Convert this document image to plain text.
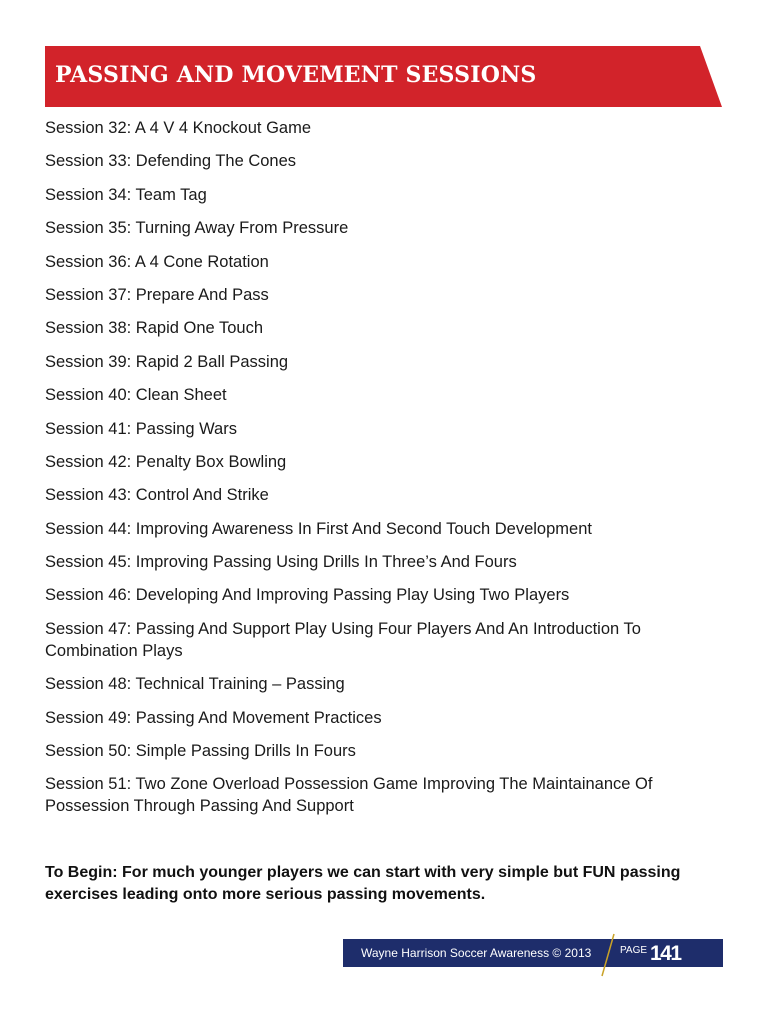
PASSING AND MOVEMENT SESSIONS
Session 32: A 4 V 4 Knockout Game
Session 33: Defending The Cones
Session 34: Team Tag
Session 35: Turning Away From Pressure
Session 36: A 4 Cone Rotation
Session 37: Prepare And Pass
Session 38: Rapid One Touch
Session 39: Rapid 2 Ball Passing
Session 40: Clean Sheet
Session 41: Passing Wars
Session 42: Penalty Box Bowling
Session 43: Control And Strike
Session 44: Improving Awareness In First And Second Touch Development
Session 45: Improving Passing Using Drills In Three’s And Fours
Session 46: Developing And Improving Passing Play Using Two Players
Session 47: Passing And Support Play Using Four Players And An Introduction To Combination Plays
Session 48: Technical Training – Passing
Session 49: Passing And Movement Practices
Session 50: Simple Passing Drills In Fours
Session 51: Two Zone Overload Possession Game Improving The Maintainance Of Possession Through Passing And Support

To Begin: For much younger players we can start with very simple but FUN passing exercises leading onto more serious passing movements.

Wayne Harrison Soccer Awareness © 2013	PAGE 141
